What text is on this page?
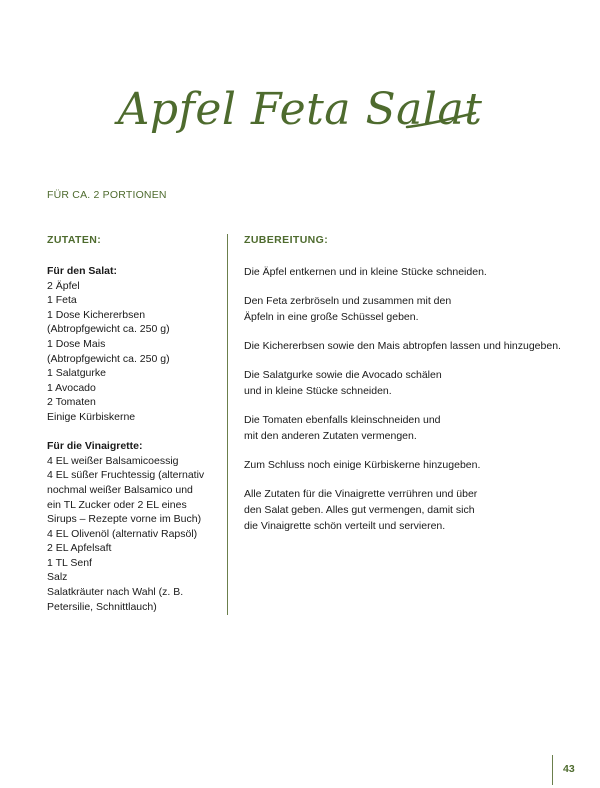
Apfel Feta Salat
FÜR CA. 2 PORTIONEN
ZUTATEN:
Für den Salat:
2 Äpfel
1 Feta
1 Dose Kichererbsen
(Abtropfgewicht ca. 250 g)
1 Dose Mais
(Abtropfgewicht ca. 250 g)
1 Salatgurke
1 Avocado
2 Tomaten
Einige Kürbiskerne
Für die Vinaigrette:
4 EL weißer Balsamicoessig
4 EL süßer Fruchtessig (alternativ
nochmal weißer Balsamico und
ein TL Zucker oder 2 EL eines
Sirups – Rezepte vorne im Buch)
4 EL Olivenöl (alternativ Rapsöl)
2 EL Apfelsaft
1 TL Senf
Salz
Salatkräuter nach Wahl (z. B.
Petersilie, Schnittlauch)
ZUBEREITUNG:
Die Äpfel entkernen und in kleine Stücke schneiden.
Den Feta zerbröseln und zusammen mit den
Äpfeln in eine große Schüssel geben.
Die Kichererbsen sowie den Mais abtropfen lassen und hinzugeben.
Die Salatgurke sowie die Avocado schälen
und in kleine Stücke schneiden.
Die Tomaten ebenfalls kleinschneiden und
mit den anderen Zutaten vermengen.
Zum Schluss noch einige Kürbiskerne hinzugeben.
Alle Zutaten für die Vinaigrette verrühren und über
den Salat geben. Alles gut vermengen, damit sich
die Vinaigrette schön verteilt und servieren.
43
